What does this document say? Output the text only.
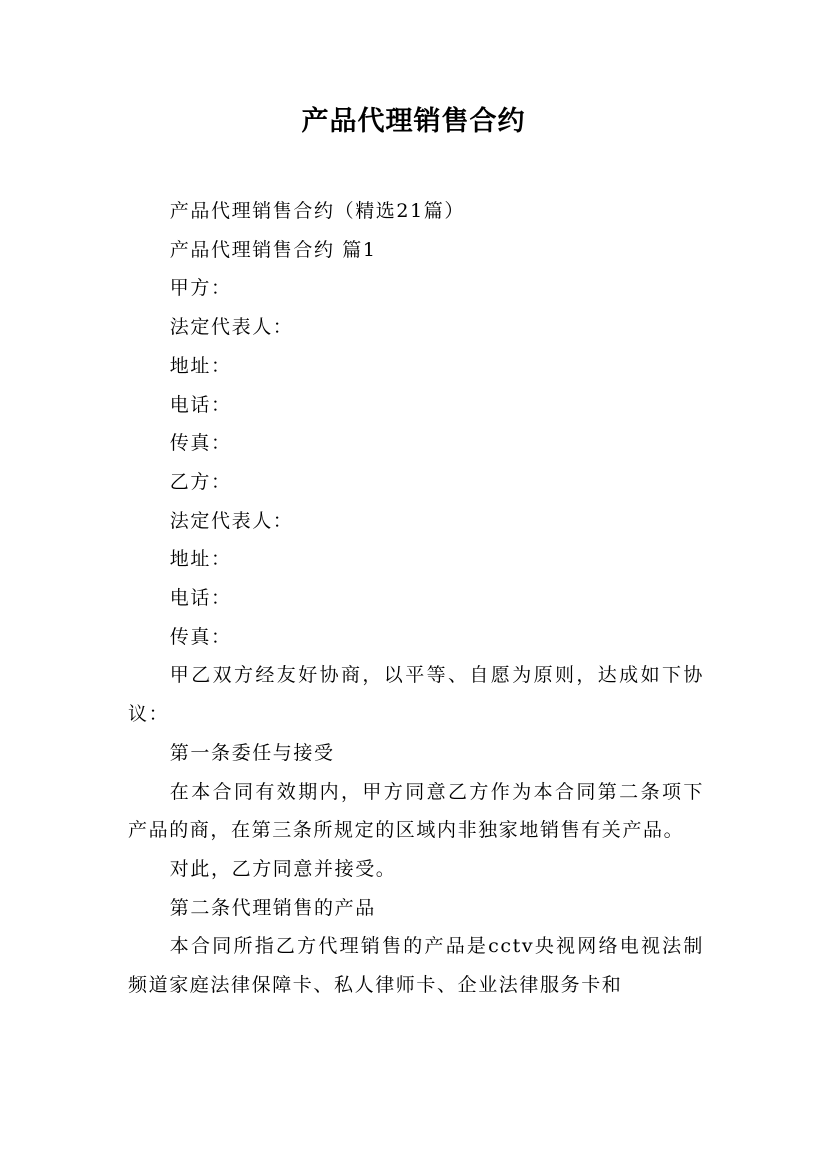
产品代理销售合约

产品代理销售合约（精选21篇）

产品代理销售合约 篇1

甲方：

法定代表人：

地址：

电话：

传真：

乙方：

法定代表人：

地址：

电话：

传真：

甲乙双方经友好协商，以平等、自愿为原则，达成如下协议：

第一条委任与接受

在本合同有效期内，甲方同意乙方作为本合同第二条项下产品的商，在第三条所规定的区域内非独家地销售有关产品。

对此，乙方同意并接受。

第二条代理销售的产品

本合同所指乙方代理销售的产品是cctv央视网络电视法制频道家庭法律保障卡、私人律师卡、企业法律服务卡和
